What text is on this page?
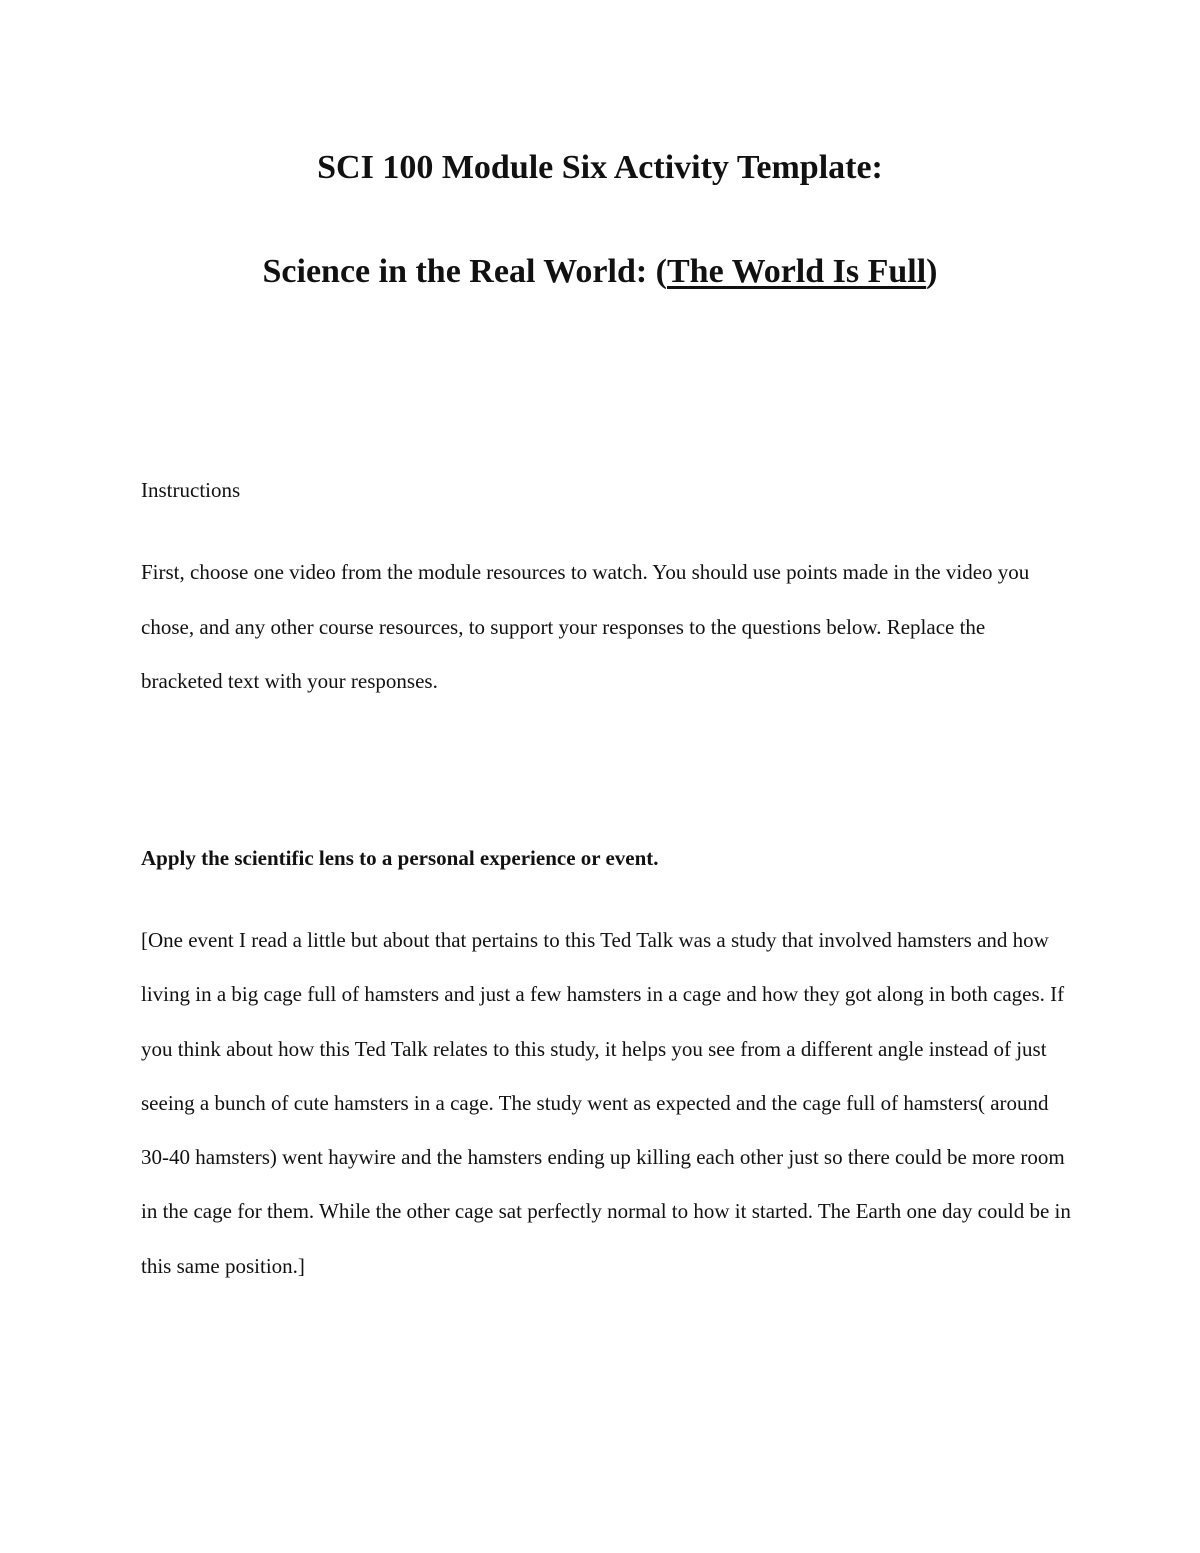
SCI 100 Module Six Activity Template:
Science in the Real World: (The World Is Full)

Instructions

First, choose one video from the module resources to watch. You should use points made in the video you chose, and any other course resources, to support your responses to the questions below. Replace the bracketed text with your responses.

Apply the scientific lens to a personal experience or event.

[One event I read a little but about that pertains to this Ted Talk was a study that involved hamsters and how living in a big cage full of hamsters and just a few hamsters in a cage and how they got along in both cages. If you think about how this Ted Talk relates to this study, it helps you see from a different angle instead of just seeing a bunch of cute hamsters in a cage. The study went as expected and the cage full of hamsters( around 30-40 hamsters) went haywire and the hamsters ending up killing each other just so there could be more room in the cage for them. While the other cage sat perfectly normal to how it started. The Earth one day could be in this same position.]
